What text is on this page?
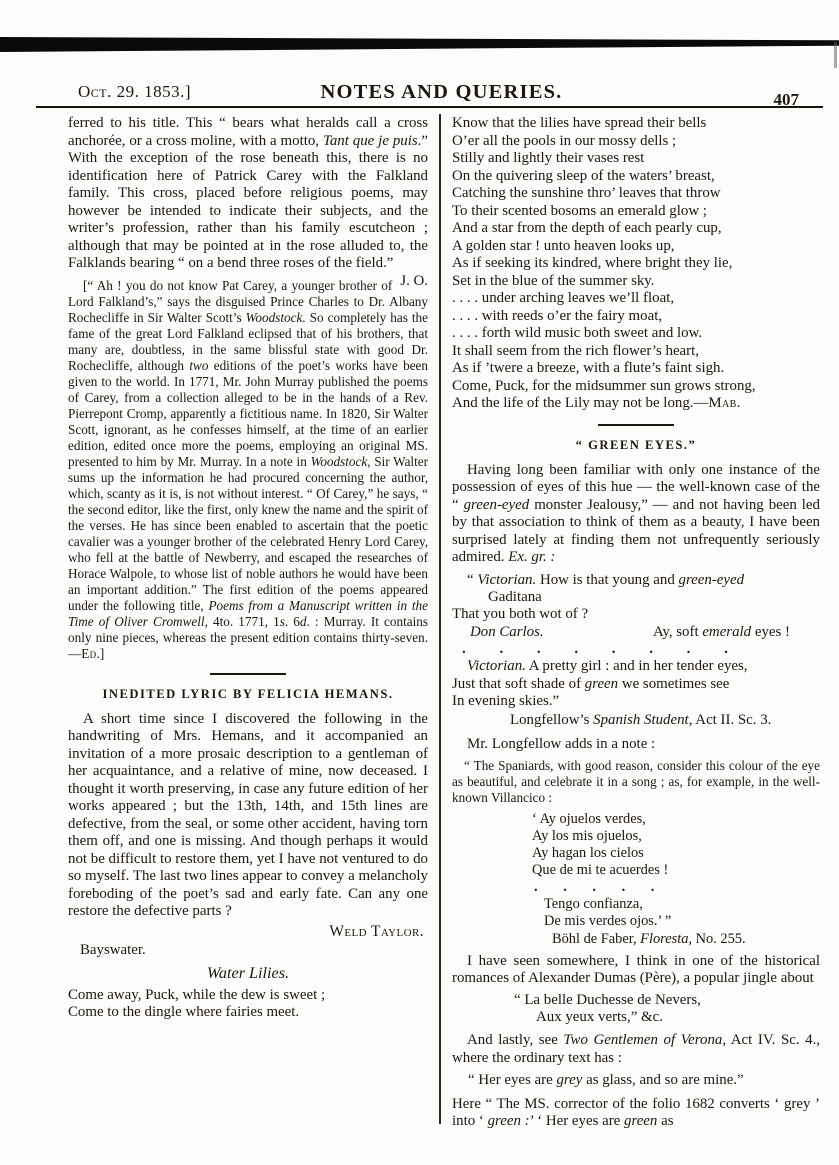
Oct. 29. 1853.]	NOTES AND QUERIES.	407

ferred to his title. This “ bears what heralds call a cross anchorée, or a cross moline, with a motto, Tant que je puis.” With the exception of the rose beneath this, there is no identification here of Patrick Carey with the Falkland family. This cross, placed before religious poems, may however be intended to indicate their subjects, and the writer’s profession, rather than his family escutcheon ; although that may be pointed at in the rose alluded to, the Falklands bearing “ on a bend three roses of the field.”
J. O.

[“ Ah ! you do not know Pat Carey, a younger brother of Lord Falkland’s,” says the disguised Prince Charles to Dr. Albany Rochecliffe in Sir Walter Scott’s Woodstock. So completely has the fame of the great Lord Falkland eclipsed that of his brothers, that many are, doubtless, in the same blissful state with good Dr. Rochecliffe, although two editions of the poet’s works have been given to the world. In 1771, Mr. John Murray published the poems of Carey, from a collection alleged to be in the hands of a Rev. Pierrepont Cromp, apparently a fictitious name. In 1820, Sir Walter Scott, ignorant, as he confesses himself, at the time of an earlier edition, edited once more the poems, employing an original MS. presented to him by Mr. Murray. In a note in Woodstock, Sir Walter sums up the information he had procured concerning the author, which, scanty as it is, is not without interest. “ Of Carey,” he says, “ the second editor, like the first, only knew the name and the spirit of the verses. He has since been enabled to ascertain that the poetic cavalier was a younger brother of the celebrated Henry Lord Carey, who fell at the battle of Newberry, and escaped the researches of Horace Walpole, to whose list of noble authors he would have been an important addition.” The first edition of the poems appeared under the following title, Poems from a Manuscript written in the Time of Oliver Cromwell, 4to. 1771, 1s. 6d. : Murray. It contains only nine pieces, whereas the present edition contains thirty-seven.—Ed.]

INEDITED LYRIC BY FELICIA HEMANS.

A short time since I discovered the following in the handwriting of Mrs. Hemans, and it accompanied an invitation of a more prosaic description to a gentleman of her acquaintance, and a relative of mine, now deceased. I thought it worth preserving, in case any future edition of her works appeared ; but the 13th, 14th, and 15th lines are defective, from the seal, or some other accident, having torn them off, and one is missing. And though perhaps it would not be difficult to restore them, yet I have not ventured to do so myself. The last two lines appear to convey a melancholy foreboding of the poet’s sad and early fate. Can any one restore the defective parts ?

Weld Taylor.
Bayswater.
Water Lilies.
Come away, Puck, while the dew is sweet ;
Come to the dingle where fairies meet.
Know that the lilies have spread their bells
O’er all the pools in our mossy dells ;
Stilly and lightly their vases rest
On the quivering sleep of the waters’ breast,
Catching the sunshine thro’ leaves that throw
To their scented bosoms an emerald glow ;
And a star from the depth of each pearly cup,
A golden star ! unto heaven looks up,
As if seeking its kindred, where bright they lie,
Set in the blue of the summer sky.
. . . . under arching leaves we’ll float,
. . . . with reeds o’er the fairy moat,
. . . . forth wild music both sweet and low.
It shall seem from the rich flower’s heart,
As if ’twere a breeze, with a flute’s faint sigh.
Come, Puck, for the midsummer sun grows strong,
And the life of the Lily may not be long.—Mab.
“ GREEN EYES.”

Having long been familiar with only one instance of the possession of eyes of this hue — the well-known case of the “ green-eyed monster Jealousy,” — and not having been led by that association to think of them as a beauty, I have been surprised lately at finding them not unfrequently seriously admired. Ex. gr. :

“ Victorian. How is that young and green-eyed
Gaditana
That you both wot of ?
Don Carlos.	Ay, soft emerald eyes !
. . . . . . . .
Victorian. A pretty girl : and in her tender eyes,
Just that soft shade of green we sometimes see
In evening skies.”
Longfellow’s Spanish Student, Act II. Sc. 3.

Mr. Longfellow adds in a note :

“ The Spaniards, with good reason, consider this colour of the eye as beautiful, and celebrate it in a song ; as, for example, in the well-known Villancico :

‘ Ay ojuelos verdes,
Ay los mis ojuelos,
Ay hagan los cielos
Que de mi te acuerdes !
. . . . .
Tengo confianza,
De mis verdes ojos.’ ”
Böhl de Faber, Floresta, No. 255.

I have seen somewhere, I think in one of the historical romances of Alexander Dumas (Père), a popular jingle about

“ La belle Duchesse de Nevers,
Aux yeux verts,” &c.

And lastly, see Two Gentlemen of Verona, Act IV. Sc. 4., where the ordinary text has :

“ Her eyes are grey as glass, and so are mine.”

Here “ The MS. corrector of the folio 1682 converts ‘ grey ’ into ‘ green :’ ‘ Her eyes are green as
